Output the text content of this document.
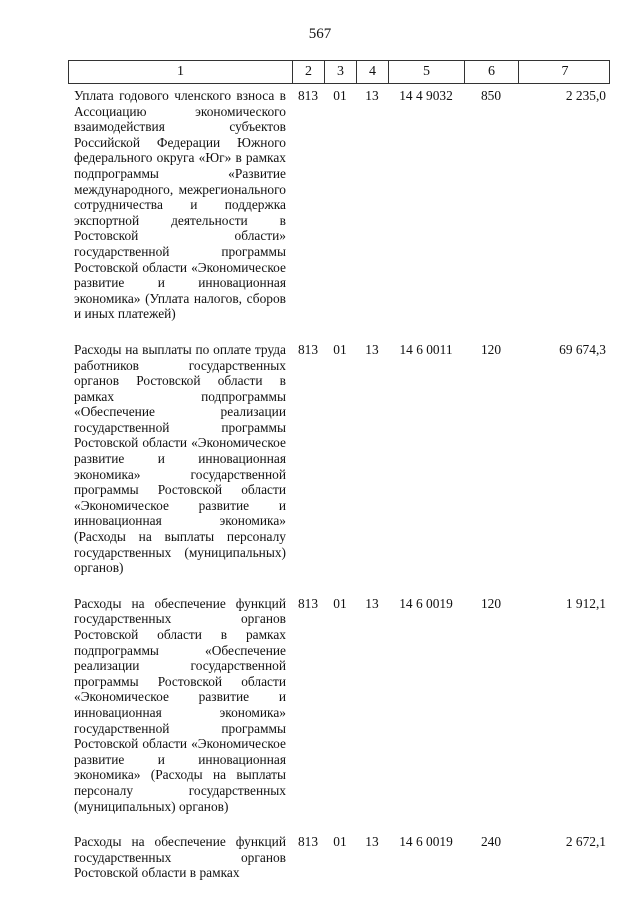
567
1	2	3	4	5	6	7
Уплата годового членского взноса в Ассоциацию экономического взаимодействия субъектов Российской Федерации Южного федерального округа «Юг» в рамках подпрограммы «Развитие международного, межрегионального сотрудничества и поддержка экспортной деятельности в Ростовской области» государственной программы Ростовской области «Экономическое развитие и инновационная экономика» (Уплата налогов, сборов и иных платежей)
813	01	13	14 4 9032	850	2 235,0
Расходы на выплаты по оплате труда работников государственных органов Ростовской области в рамках подпрограммы «Обеспечение реализации государственной программы Ростовской области «Экономическое развитие и инновационная экономика» государственной программы Ростовской области «Экономическое развитие и инновационная экономика» (Расходы на выплаты персоналу государственных (муниципальных) органов)
813	01	13	14 6 0011	120	69 674,3
Расходы на обеспечение функций государственных органов Ростовской области в рамках подпрограммы «Обеспечение реализации государственной программы Ростовской области «Экономическое развитие и инновационная экономика» государственной программы Ростовской области «Экономическое развитие и инновационная экономика» (Расходы на выплаты персоналу государственных (муниципальных) органов)
813	01	13	14 6 0019	120	1 912,1
Расходы на обеспечение функций государственных органов Ростовской области в рамках
813	01	13	14 6 0019	240	2 672,1
